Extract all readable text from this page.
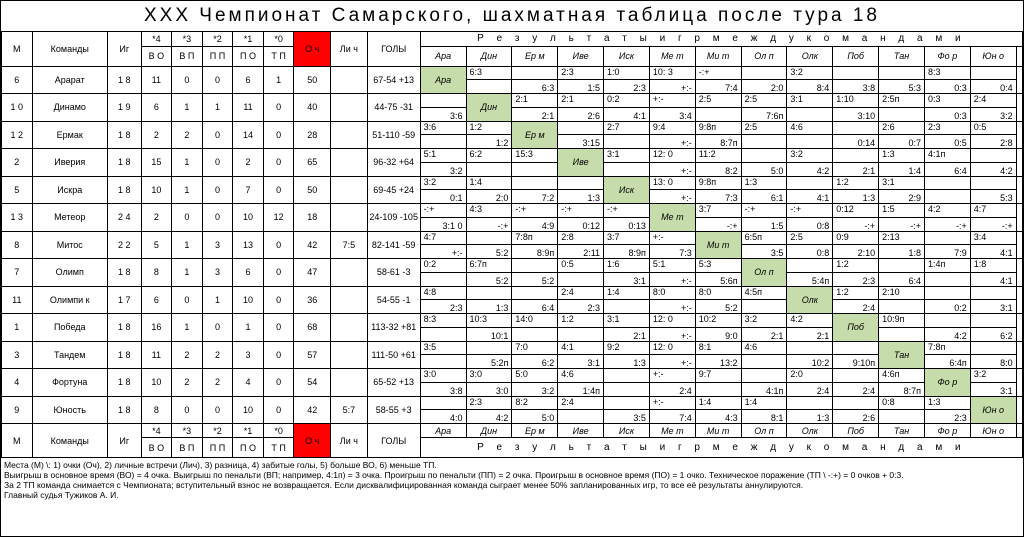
ХХХ Чемпионат Самарского, шахматная таблица после тура 18
М	Команды	Иг	*4	*3	*2	*1	*0	О ч	Ли ч	ГОЛЫ	Р е з у л ь т а т ы и г р м е ж д у к о м а н д а м и													
			В О	В П	П П	П О	Т П				Ара	Дин	Ер м	Иве	Иск	Ме т	Ми т	Ол п	Олк	Поб	Тан	Фо р	Юн о	
6	Арарат	1 8	11	0	0	6	1	50		67-54 +13	Ара	6:3		2:3	1:0	10: 3	-:+		3:2			8:3		
													6:3	1:5	2:3	+:-	7:4	2:0	8:4	3:8	5:3	0:3	0:4	
1 0	Динамо	1 9	6	1	1	11	0	40		44-75 -31		Дин	2:1	2:1	0:2	+:-	2:5	2:5	3:1	1:10	2:5п	0:3	2:4	
											3:6		2:1	2:6	4:1	3:4		7:6п		3:10		0:3	3:2	
1 2	Ермак	1 8	2	2	0	14	0	28		51-110 -59	3:6	1:2	Ер м		2:7	9:4	9:8п	2:5	4:6		2:6	2:3	0:5	
												1:2		3:15		+:-	8:7п			0:14	0:7	0:5	2:8	
2	Иверия	1 8	15	1	0	2	0	65		96-32 +64	5:1	6:2	15:3	Иве	3:1	12: 0	11:2		3:2		1:3	4:1п		
											3:2					+:-	8:2	5:0	4:2	2:1	1:4	6:4	4:2	
5	Искра	1 8	10	1	0	7	0	50		69-45 +24	3:2	1:4			Иск	13: 0	9:8п	1:3		1:2	3:1			
											0:1	2:0	7:2	1:3		+:-	7:3	6:1	4:1	1:3	2:9		5:3	
1 3	Метеор	2 4	2	0	0	10	12	18		24-109 -105	-:+	4:3	-:+	-:+	-:+	Ме т	3:7	-:+	-:+	0:12	1:5	4:2	4:7	
											3:1 0	-:+	4:9	0:12	0:13		-:+	1:5	0:8	-:+	-:+	-:+	-:+	
8	Митос	2 2	5	1	3	13	0	42	7:5	82-141 -59	4:7		7:8п	2:8	3:7	+:-	Ми т	6:5п	2:5	0:9	2:13		3:4	
											+:-	5:2	8:9п	2:11	8:9п	7:3		3:5	0:8	2:10	1:8	7:9	4:1	
7	Олимп	1 8	8	1	3	6	0	47		58-61 -3	0:2	6:7п		0:5	1:6	5:1	5:3	Ол п		1:2		1:4п	1:8	
												5:2	5:2		3:1	+:-	5:6п		5:4п	2:3	6:4		4:1	
11	Олимпи к	1 7	6	0	1	10	0	36		54-55 -1	4:8			2:4	1:4	8:0	8:0	4:5п	Олк	1:2	2:10			
											2:3	1:3	6:4	2:3		+:-	5:2			2:4		0:2	3:1	
1	Победа	1 8	16	1	0	1	0	68		113-32 +81	8:3	10:3	14:0	1:2	3:1	12: 0	10:2	3:2	4:2	Поб	10:9п			
												10:1			2:1	+:-	9:0	2:1	2:1			4:2	6:2	
3	Тандем	1 8	11	2	2	3	0	57		111-50 +61	3:5		7:0	4:1	9:2	12: 0	8:1	4:6			Тан	7:8п		
												5:2п	6:2	3:1	1:3	+:-	13:2		10:2	9:10п		6:4п	8:0	
4	Фортуна	1 8	10	2	2	4	0	54		65-52 +13	3:0	3:0	5:0	4:6		+:-	9:7		2:0		4:6п	Фо р	3:2	
											3:8	3:0	3:2	1:4п		2:4		4:1п	2:4	2:4	8:7п		3:1	
9	Юность	1 8	8	0	0	10	0	42	5:7	58-55 +3		2:3	8:2	2:4		+:-	1:4	1:4			0:8	1:3	Юн о	
											4:0	4:2	5:0		3:5	7:4	4:3	8:1	1:3	2:6		2:3		
М	Команды	Иг	*4	*3	*2	*1	*0	О ч	Ли ч	ГОЛЫ	Ара	Дин	Ер м	Иве	Иск	Ме т	Ми т	Ол п	Олк	Поб	Тан	Фо р	Юн о	
			В О	В П	П П	П О	Т П				Р е з у л ь т а т ы и г р м е ж д у к о м а н д а м и													
Места (М) \: 1) очки (Оч), 2) личные встречи (Лич), 3) разница, 4) забитые голы, 5) больше ВО, 6) меньше ТП.
Выигрыш в основное время (ВО) = 4 очка. Выигрыш по пенальти (ВП; например, 4:1п) = 3 очка. Проигрыш по пенальти (ПП) = 2 очка. Проигрыш в основное время (ПО) = 1 очко. Техническое поражение (ТП \ -:+) = 0 очков + 0:3.
За 2 ТП команда снимается с Чемпионата; вступительный взнос не возвращается. Если дисквалифицированная команда сыграет менее 50% запланированных игр, то все её результаты аннулируются.
Главный судья Тужиков А. И.
